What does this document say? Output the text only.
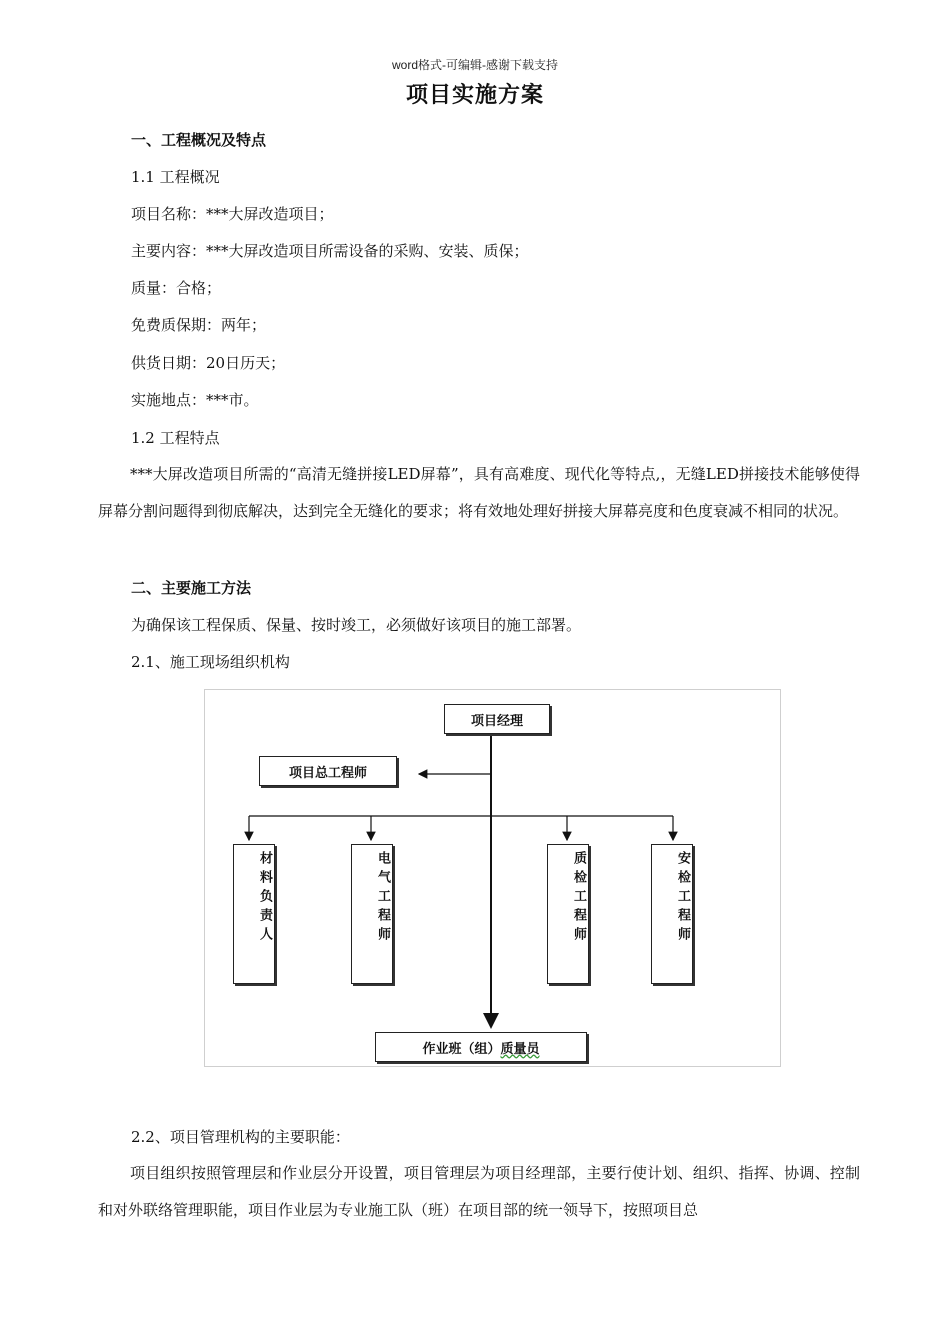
word格式-可编辑-感谢下载支持
项目实施方案
一、工程概况及特点
1.1 工程概况
项目名称：***大屏改造项目；
主要内容：***大屏改造项目所需设备的采购、安装、质保；
质量：合格；
免费质保期：两年；
供货日期：20日历天；
实施地点：***市。
1.2 工程特点
***大屏改造项目所需的“高清无缝拼接LED屏幕”，具有高难度、现代化等特点,，无缝LED拼接技术能够使得屏幕分割问题得到彻底解决，达到完全无缝化的要求；将有效地处理好拼接大屏幕亮度和色度衰减不相同的状况。
二、主要施工方法
为确保该工程保质、保量、按时竣工，必须做好该项目的施工部署。
2.1、施工现场组织机构
项目经理
项目总工程师
材料负责人	电气工程师	质检工程师	安检工程师
作业班（组） 质量员
2.2、项目管理机构的主要职能：
项目组织按照管理层和作业层分开设置，项目管理层为项目经理部，主要行使计划、组织、指挥、协调、控制和对外联络管理职能，项目作业层为专业施工队（班）在项目部的统一领导下，按照项目总
